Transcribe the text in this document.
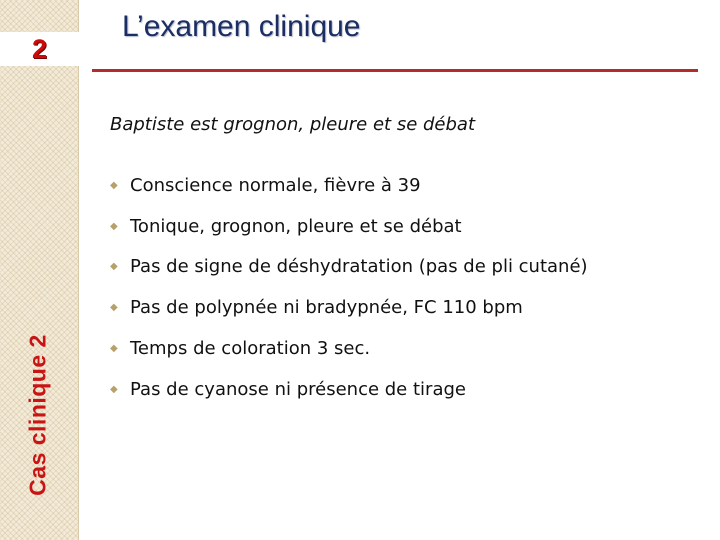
2
Cas clinique 2
L’examen clinique
Baptiste est grognon, pleure et se débat
◆ Conscience normale, fièvre à 39
◆ Tonique, grognon, pleure et se débat
◆ Pas de signe de déshydratation (pas de pli cutané)
◆ Pas de polypnée ni bradypnée, FC 110 bpm
◆ Temps de coloration 3 sec.
◆ Pas de cyanose ni présence de tirage
